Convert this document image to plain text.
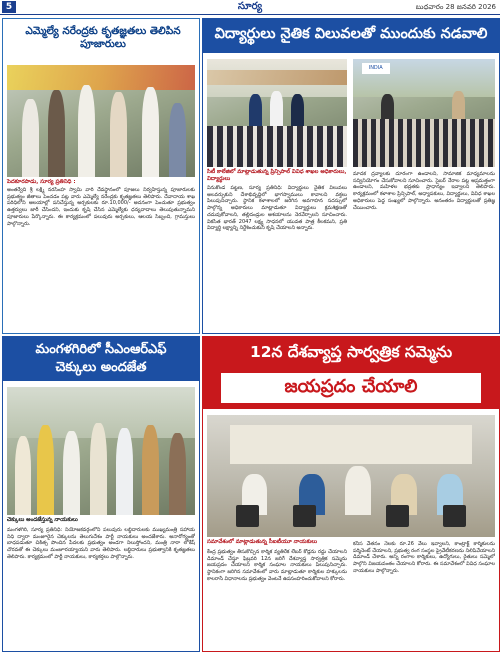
5	సూర్య	బుధవారం 28 జనవరి 2026
ఎమ్మెల్యే నరేంద్రకు కృతజ్ఞతలు తెలిపిన పూజారులు
పెదకూరపాడు, సూర్య ప్రతినిధి :
అంతర్వేది శ్రీ లక్ష్మీ నరసింహ స్వామి వారి దేవస్థానంలో పూజలు నిర్వహిస్తున్న పూజారులకు ప్రభుత్వం జీతాలు పెంచడం పట్ల వారు ఎమ్మెల్యే నరేంద్రకు కృతజ్ఞతలు తెలిపారు. దేవాదాయ శాఖ పరిధిలోని ఆలయాల్లో పనిచేస్తున్న అర్చకులకు రూ.10,000/- అదనంగా పెంచుతూ ప్రభుత్వం ఉత్తర్వులు జారీ చేసిందని, ఇందుకు కృషి చేసిన ఎమ్మెల్యేకు ధన్యవాదాలు తెలుపుతున్నామని పూజారులు పేర్కొన్నారు. ఈ కార్యక్రమంలో పలువురు అర్చకులు, ఆలయ సిబ్బంది, గ్రామస్తులు పాల్గొన్నారు.
విద్యార్థులు నైతిక విలువలతో ముందుకు నడవాలి
INDIA
సిటీ కాలేజిలో మాట్లాడుతున్న ప్రిన్సిపాల్ వివిధ శాఖల అధికారులు, విద్యార్థులు
వినుకొండ పట్టణ, సూర్య ప్రతినిధి: విద్యార్థులు నైతిక విలువలు అలవర్చుకుని దేశాభివృద్ధిలో భాగస్వాములు కావాలని వక్తలు పిలుపునిచ్చారు. స్థానిక కళాశాలలో జరిగిన అవగాహన సదస్సులో పాల్గొన్న అధికారులు మాట్లాడుతూ విద్యార్థులు క్రమశిక్షణతో చదువుకోవాలని, తల్లిదండ్రుల ఆశయాలను నెరవేర్చాలని సూచించారు. వికసిత భారత్ 2047 లక్ష్య సాధనలో యువత పాత్ర కీలకమని, ప్రతి విద్యార్థి లక్ష్యాన్ని నిర్దేశించుకుని కృషి చేయాలని అన్నారు.
మాదక ద్రవ్యాలకు దూరంగా ఉండాలని, సామాజిక మాధ్యమాలను సద్వినియోగం చేసుకోవాలని సూచించారు. సైబర్ నేరాల పట్ల అప్రమత్తంగా ఉండాలని, మహిళల భద్రతకు ప్రాధాన్యం ఇవ్వాలని తెలిపారు. కార్యక్రమంలో కళాశాల ప్రిన్సిపాల్, అధ్యాపకులు, విద్యార్థులు, వివిధ శాఖల అధికారులు పెద్ద సంఖ్యలో పాల్గొన్నారు. అనంతరం విద్యార్థులతో ప్రతిజ్ఞ చేయించారు.
మంగళగిరిలో సీఎంఆర్ఎఫ్
చెక్కులు అందజేత
చెక్కులు అందజేస్తున్న నాయకులు
మంగళగిరి, సూర్య ప్రతినిధి: నియోజకవర్గంలోని పలువురు లబ్ధిదారులకు ముఖ్యమంత్రి సహాయ నిధి ద్వారా మంజూరైన చెక్కులను తెలుగుదేశం పార్టీ నాయకులు అందజేశారు. అనారోగ్యంతో బాధపడుతూ చికిత్స పొందిన పేదలకు ప్రభుత్వం అండగా నిలుస్తోందని, మంత్రి నారా లోకేష్ చొరవతో ఈ చెక్కులు మంజూరయ్యాయని వారు తెలిపారు. లబ్ధిదారులు ప్రభుత్వానికి కృతజ్ఞతలు తెలిపారు. కార్యక్రమంలో పార్టీ నాయకులు, కార్యకర్తలు పాల్గొన్నారు.
12న దేశవ్యాప్త సార్వత్రిక సమ్మెను
జయప్రదం చేయాలి
సమావేశంలో మాట్లాడుతున్న సీఐటీయూ నాయకులు
కేంద్ర ప్రభుత్వం తీసుకొచ్చిన కార్మిక వ్యతిరేక లేబర్ కోడ్లను రద్దు చేయాలని డిమాండ్ చేస్తూ ఫిబ్రవరి 12న జరిగే దేశవ్యాప్త సార్వత్రిక సమ్మెను జయప్రదం చేయాలని కార్మిక సంఘాల నాయకులు పిలుపునిచ్చారు. స్థానికంగా జరిగిన సమావేశంలో వారు మాట్లాడుతూ కార్మికుల హక్కులను కాలరాసే విధానాలను ప్రభుత్వం వెంటనే ఉపసంహరించుకోవాలని కోరారు.
కనీస వేతనం నెలకు రూ.26 వేలు ఇవ్వాలని, కాంట్రాక్ట్ కార్మికులను పర్మినెంట్ చేయాలని, ప్రభుత్వ రంగ సంస్థల ప్రైవేటీకరణను నిలిపివేయాలని డిమాండ్ చేశారు. అన్ని రంగాల కార్మికులు, ఉద్యోగులు, రైతులు సమ్మెలో పాల్గొని విజయవంతం చేయాలని కోరారు. ఈ సమావేశంలో వివిధ సంఘాల నాయకులు పాల్గొన్నారు.
